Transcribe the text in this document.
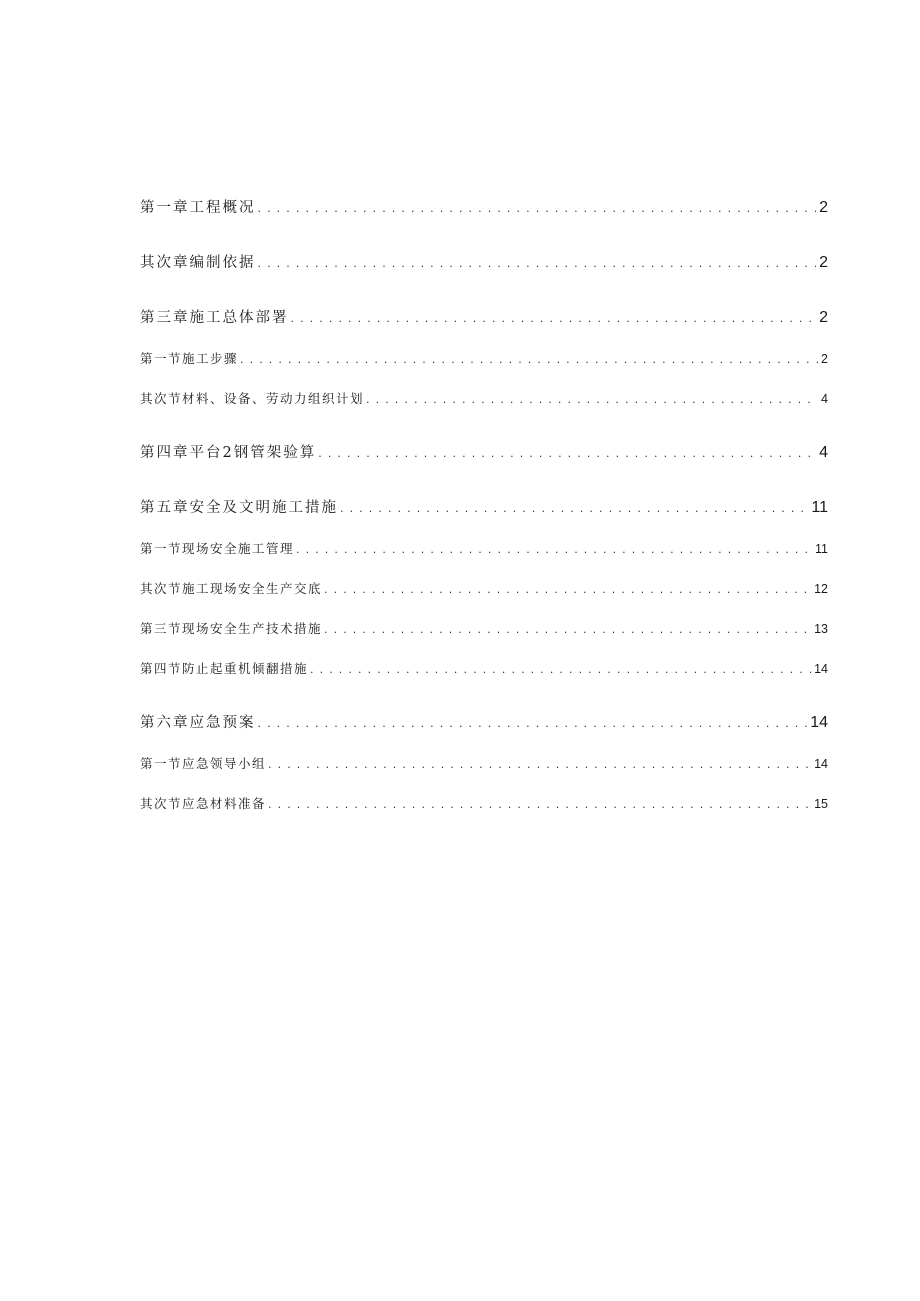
第一章工程概况 . . .	2
其次章编制依据 . . .	2
第三章施工总体部署 . . .	2
第一节施工步骤 . . .	2
其次节材料、设备、劳动力组织计划 . . .	4
第四章平台2钢管架验算 . . .	4
第五章安全及文明施工措施 . . .	11
第一节现场安全施工管理 . . .	11
其次节施工现场安全生产交底 . . .	12
第三节现场安全生产技术措施 . . .	13
第四节防止起重机倾翻措施 . . .	14
第六章应急预案 . . .	14
第一节应急领导小组 . . .	14
其次节应急材料准备 . . .	15
